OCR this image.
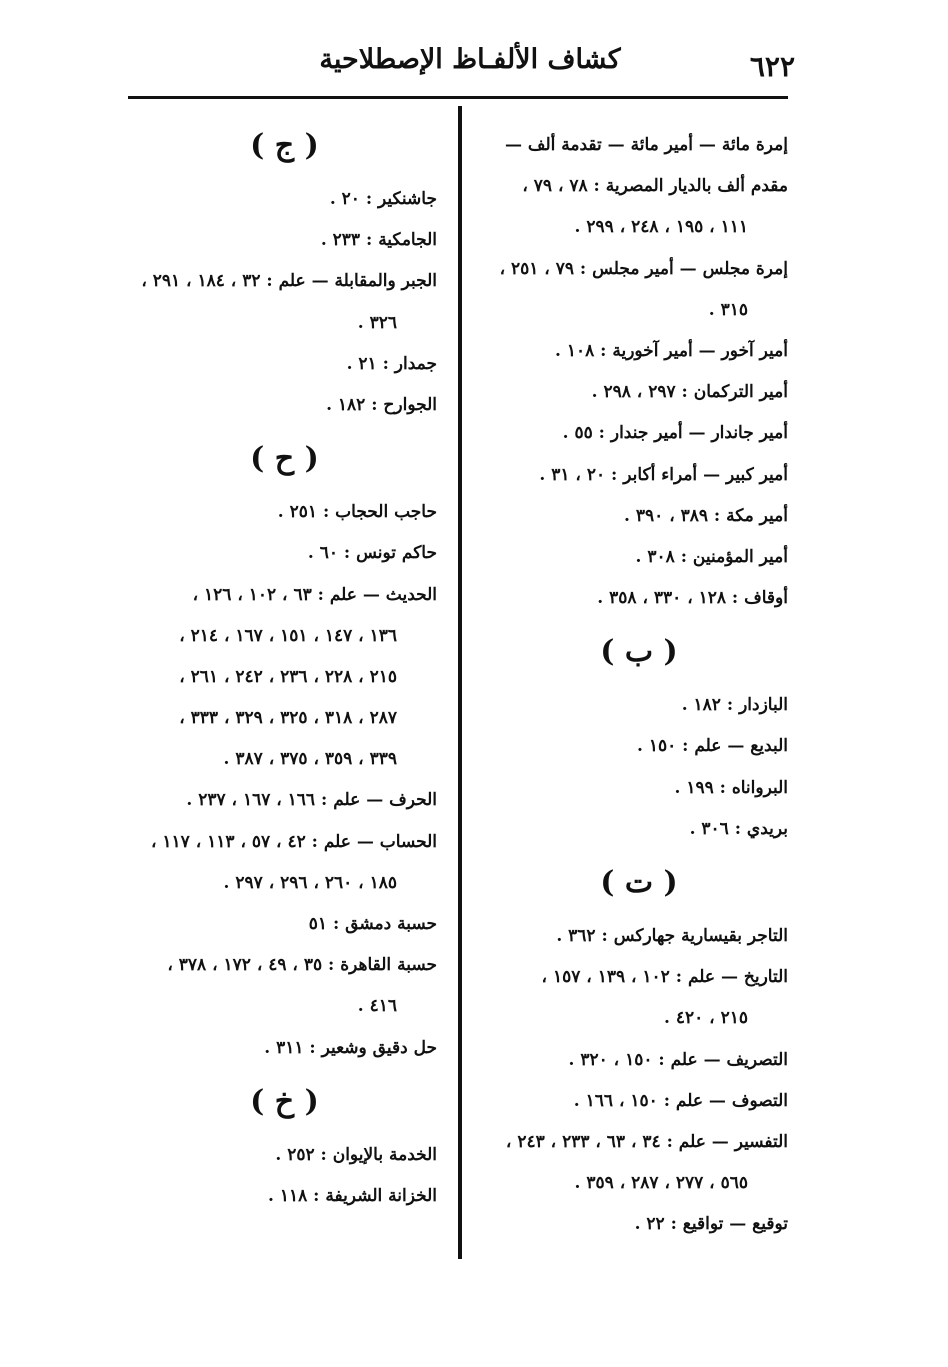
٦٢٢
كشاف الألفـاظ الإصطلاحية
إمرة مائة — أمير مائة — تقدمة ألف —
مقدم ألف بالديار المصرية : ٧٨ ، ٧٩ ،
١١١ ، ١٩٥ ، ٢٤٨ ، ٢٩٩ .
إمرة مجلس — أمير مجلس : ٧٩ ، ٢٥١ ،
٣١٥ .
أمير آخور — أمير آخورية : ١٠٨ .
أمير التركمان : ٢٩٧ ، ٢٩٨ .
أمير جاندار — أمير جندار : ٥٥ .
أمير كبير — أمراء أكابر : ٢٠ ، ٣١ .
أمير مكة : ٣٨٩ ، ٣٩٠ .
أمير المؤمنين : ٣٠٨ .
أوقاف : ١٢٨ ، ٣٣٠ ، ٣٥٨ .
( ب )
البازدار : ١٨٢ .
البديع — علم : ١٥٠ .
البرواناه : ١٩٩ .
بريدي : ٣٠٦ .
( ت )
التاجر بقيسارية جهاركس : ٣٦٢ .
التاريخ — علم : ١٠٢ ، ١٣٩ ، ١٥٧ ،
٢١٥ ، ٤٢٠ .
التصريف — علم : ١٥٠ ، ٣٢٠ .
التصوف — علم : ١٥٠ ، ١٦٦ .
التفسير — علم : ٣٤ ، ٦٣ ، ٢٣٣ ، ٢٤٣ ،
٥٦٥ ، ٢٧٧ ، ٢٨٧ ، ٣٥٩ .
توقيع — تواقيع : ٢٢ .
( ج )
جاشنكير : ٢٠ .
الجامكية : ٢٣٣ .
الجبر والمقابلة — علم : ٣٢ ، ١٨٤ ، ٢٩١ ،
٣٢٦ .
جمدار : ٢١ .
الجوارح : ١٨٢ .
( ح )
حاجب الحجاب : ٢٥١ .
حاكم تونس : ٦٠ .
الحديث — علم : ٦٣ ، ١٠٢ ، ١٢٦ ،
١٣٦ ، ١٤٧ ، ١٥١ ، ١٦٧ ، ٢١٤ ،
٢١٥ ، ٢٢٨ ، ٢٣٦ ، ٢٤٢ ، ٢٦١ ،
٢٨٧ ، ٣١٨ ، ٣٢٥ ، ٣٢٩ ، ٣٣٣ ،
٣٣٩ ، ٣٥٩ ، ٣٧٥ ، ٣٨٧ .
الحرف — علم : ١٦٦ ، ١٦٧ ، ٢٣٧ .
الحساب — علم : ٤٢ ، ٥٧ ، ١١٣ ، ١١٧ ،
١٨٥ ، ٢٦٠ ، ٢٩٦ ، ٢٩٧ .
حسبة دمشق : ٥١
حسبة القاهرة : ٣٥ ، ٤٩ ، ١٧٢ ، ٣٧٨ ،
٤١٦ .
حل دقيق وشعير : ٣١١ .
( خ )
الخدمة بالإيوان : ٢٥٢ .
الخزانة الشريفة : ١١٨ .
